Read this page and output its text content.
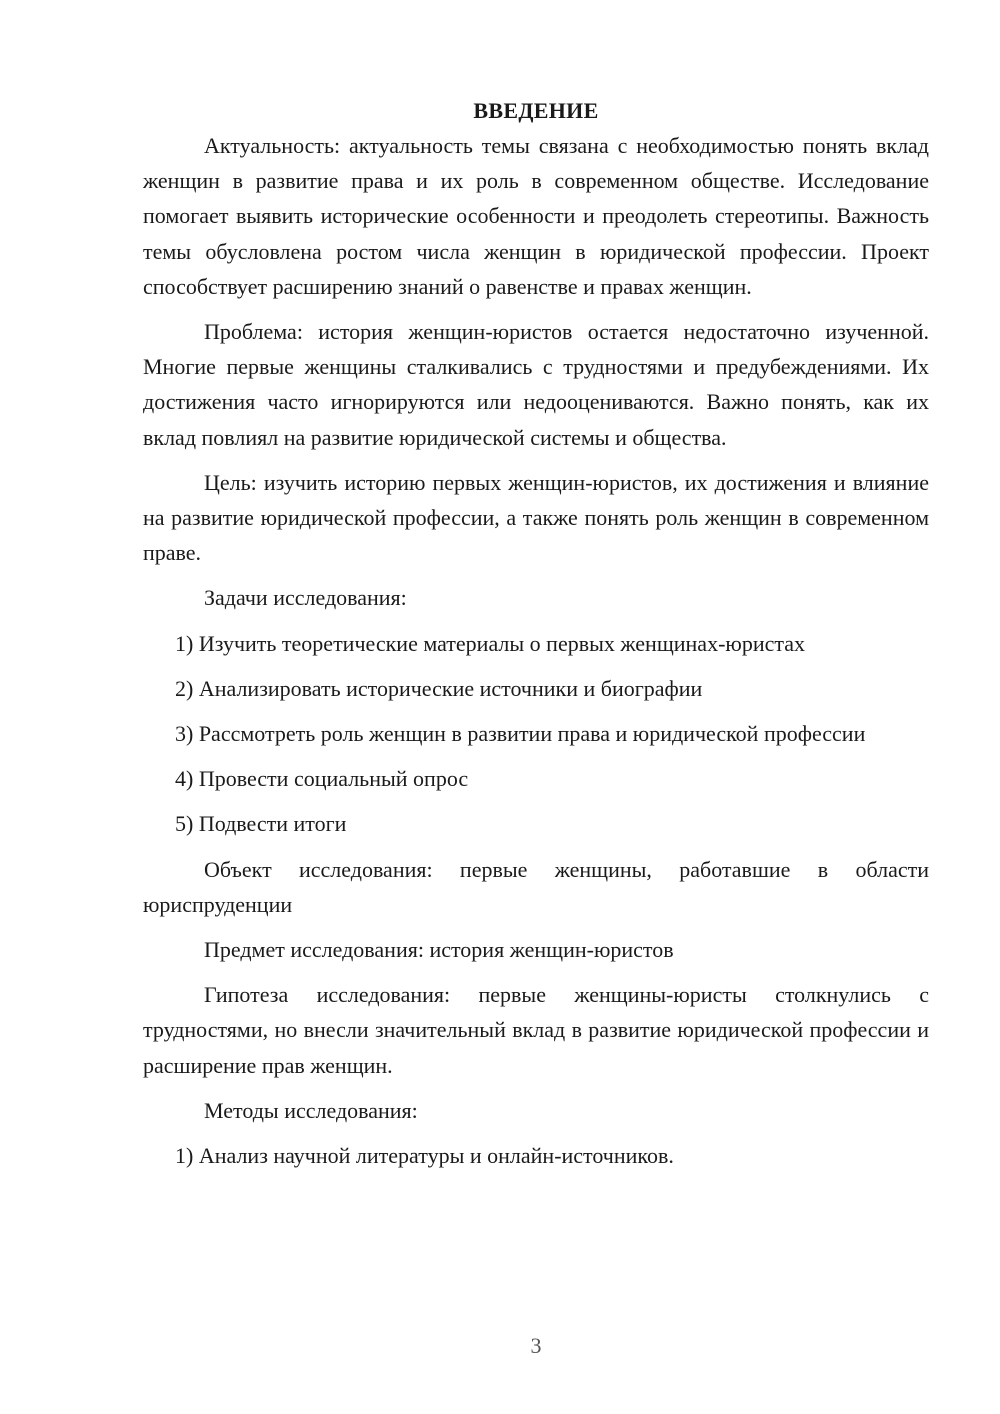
ВВЕДЕНИЕ

Актуальность: актуальность темы связана с необходимостью понять вклад женщин в развитие права и их роль в современном обществе. Исследование помогает выявить исторические особенности и преодолеть стереотипы. Важность темы обусловлена ростом числа женщин в юридической профессии. Проект способствует расширению знаний о равенстве и правах женщин.

Проблема: история женщин-юристов остается недостаточно изученной. Многие первые женщины сталкивались с трудностями и предубеждениями. Их достижения часто игнорируются или недооцениваются. Важно понять, как их вклад повлиял на развитие юридической системы и общества.

Цель: изучить историю первых женщин-юристов, их достижения и влияние на развитие юридической профессии, а также понять роль женщин в современном праве.

Задачи исследования:

1) Изучить теоретические материалы о первых женщинах-юристах

2) Анализировать исторические источники и биографии

3) Рассмотреть роль женщин в развитии права и юридической профессии

4) Провести социальный опрос

5) Подвести итоги

Объект исследования: первые женщины, работавшие в области юриспруденции

Предмет исследования: история женщин-юристов

Гипотеза исследования: первые женщины-юристы столкнулись с трудностями, но внесли значительный вклад в развитие юридической профессии и расширение прав женщин.

Методы исследования:

1) Анализ научной литературы и онлайн-источников.

3
